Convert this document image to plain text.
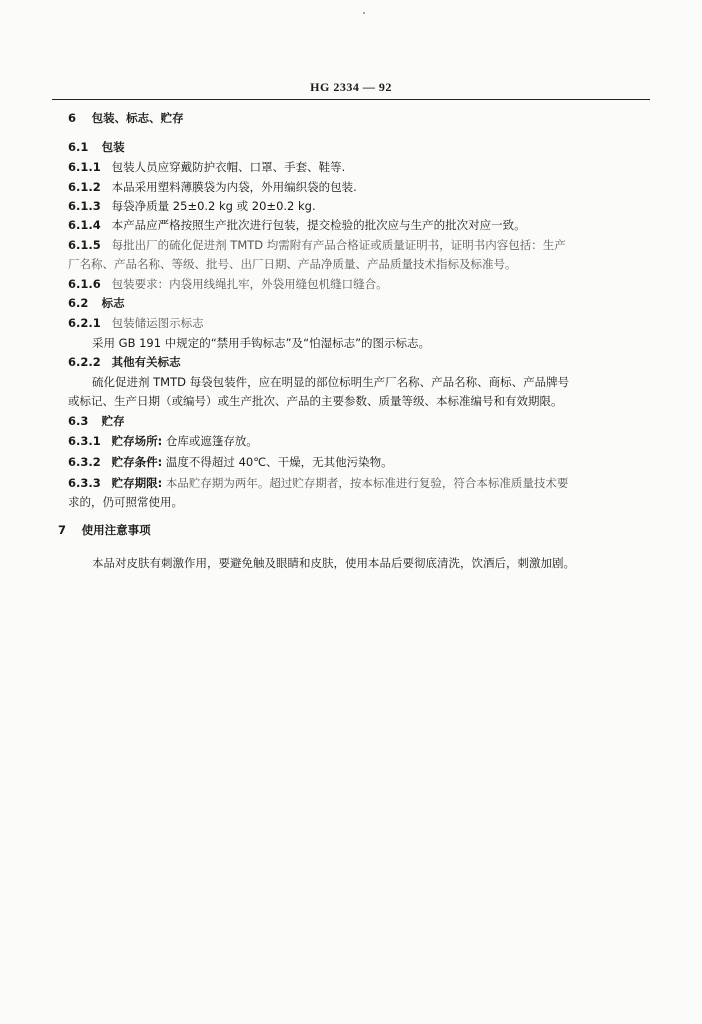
HG 2334 — 92
6 包装、标志、贮存
6.1 包装
6.1.1 包装人员应穿戴防护衣帽、口罩、手套、鞋等.
6.1.2 本品采用塑料薄膜袋为内袋，外用编织袋的包装.
6.1.3 每袋净质量 25±0.2 kg 或 20±0.2 kg.
6.1.4 本产品应严格按照生产批次进行包装，提交检验的批次应与生产的批次对应一致。
6.1.5 每批出厂的硫化促进剂 TMTD 均需附有产品合格证或质量证明书，证明书内容包括：生产
厂名称、产品名称、等级、批号、出厂日期、产品净质量、产品质量技术指标及标准号。
6.1.6 包装要求：内袋用线绳扎牢，外袋用缝包机缝口缝合。
6.2 标志
6.2.1 包装储运图示标志
采用 GB 191 中规定的“禁用手钩标志”及“怕湿标志”的图示标志。
6.2.2 其他有关标志
硫化促进剂 TMTD 每袋包装件，应在明显的部位标明生产厂名称、产品名称、商标、产品牌号
或标记、生产日期（或编号）或生产批次、产品的主要参数、质量等级、本标准编号和有效期限。
6.3 贮存
6.3.1 贮存场所: 仓库或遮篷存放。
6.3.2 贮存条件: 温度不得超过 40℃、干燥，无其他污染物。
6.3.3 贮存期限: 本品贮存期为两年。超过贮存期者，按本标准进行复验，符合本标准质量技术要
求的，仍可照常使用。
7 使用注意事项
本品对皮肤有刺激作用，要避免触及眼睛和皮肤，使用本品后要彻底清洗，饮酒后，刺激加剧。
